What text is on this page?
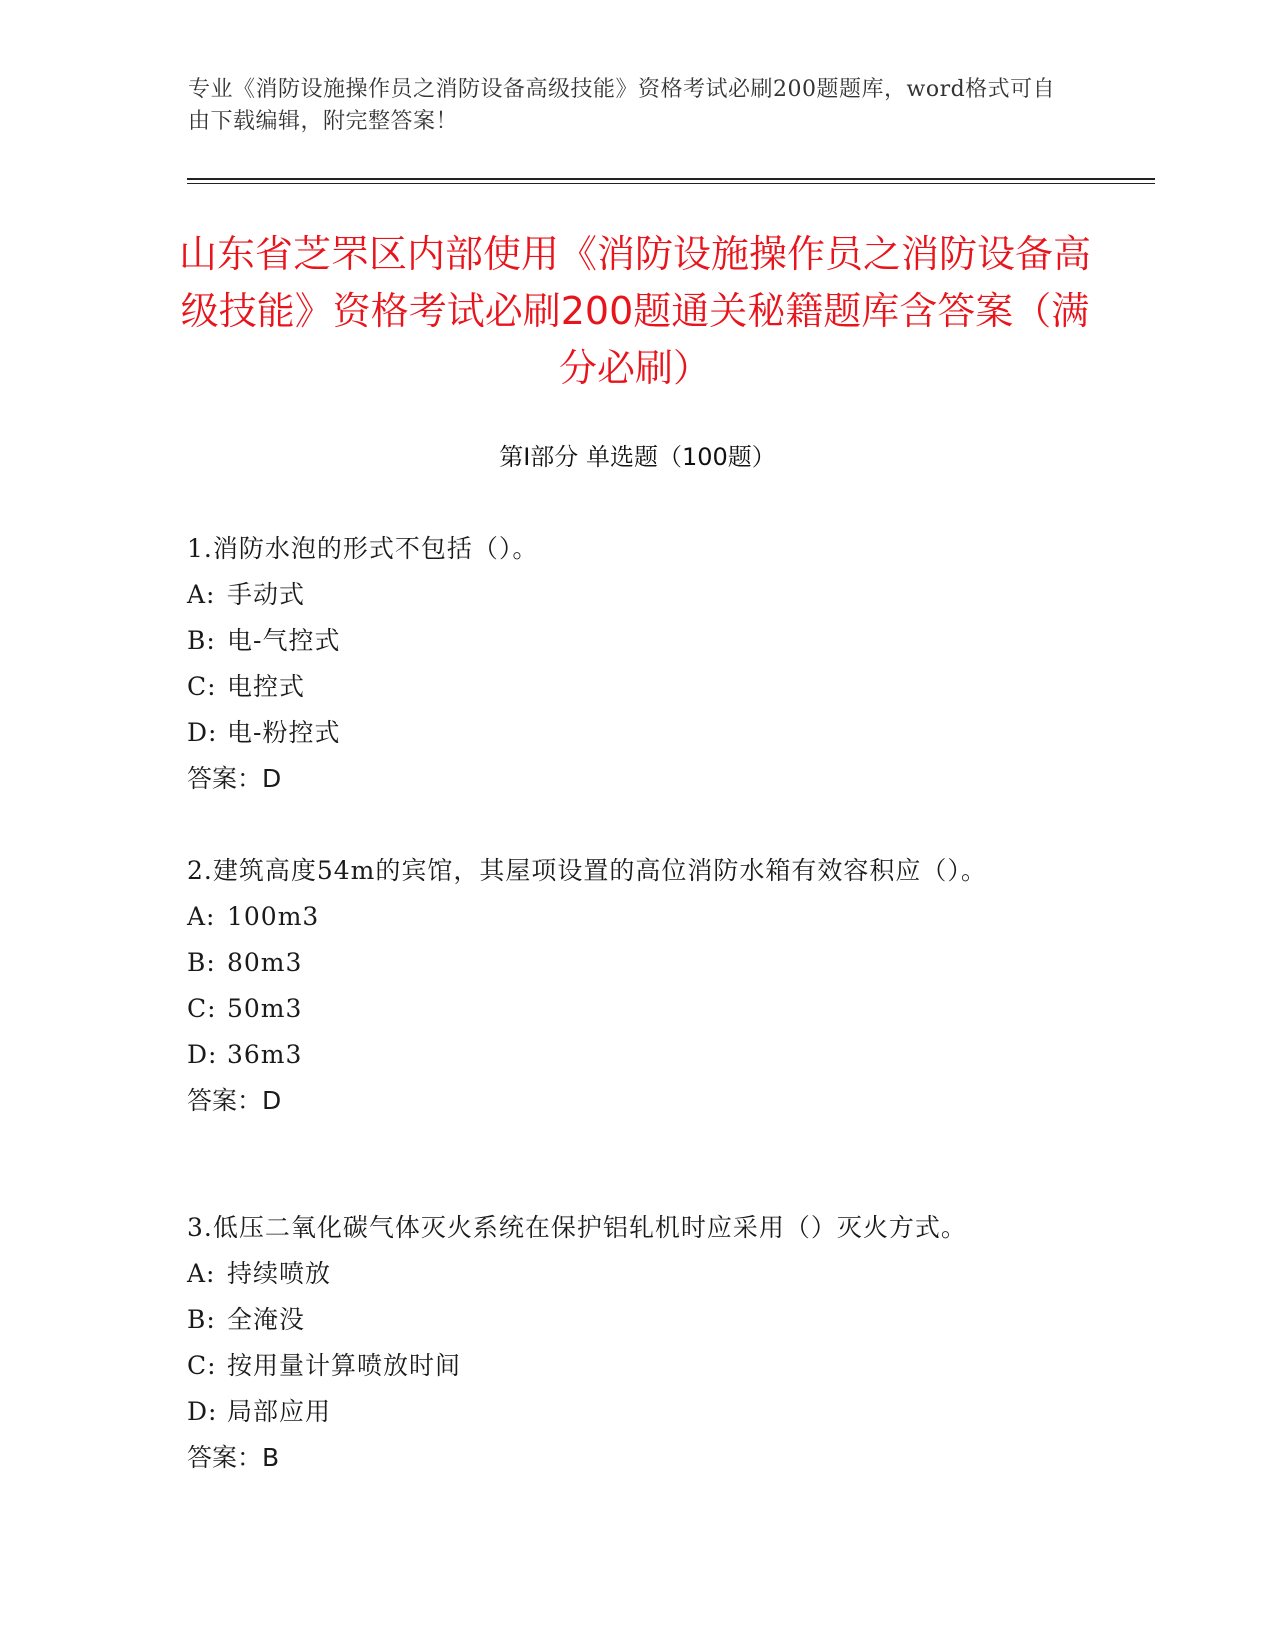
专业《消防设施操作员之消防设备高级技能》资格考试必刷200题题库，word格式可自由下载编辑，附完整答案！
山东省芝罘区内部使用《消防设施操作员之消防设备高级技能》资格考试必刷200题通关秘籍题库含答案（满分必刷）
第Ⅰ部分 单选题（100题）
1.消防水泡的形式不包括（）。
A: 手动式
B: 电-气控式
C: 电控式
D: 电-粉控式
答案：D
2.建筑高度54m的宾馆，其屋项设置的高位消防水箱有效容积应（）。
A: 100m3
B: 80m3
C: 50m3
D: 36m3
答案：D
3.低压二氧化碳气体灭火系统在保护铝轧机时应采用（）灭火方式。
A: 持续喷放
B: 全淹没
C: 按用量计算喷放时间
D: 局部应用
答案：B
